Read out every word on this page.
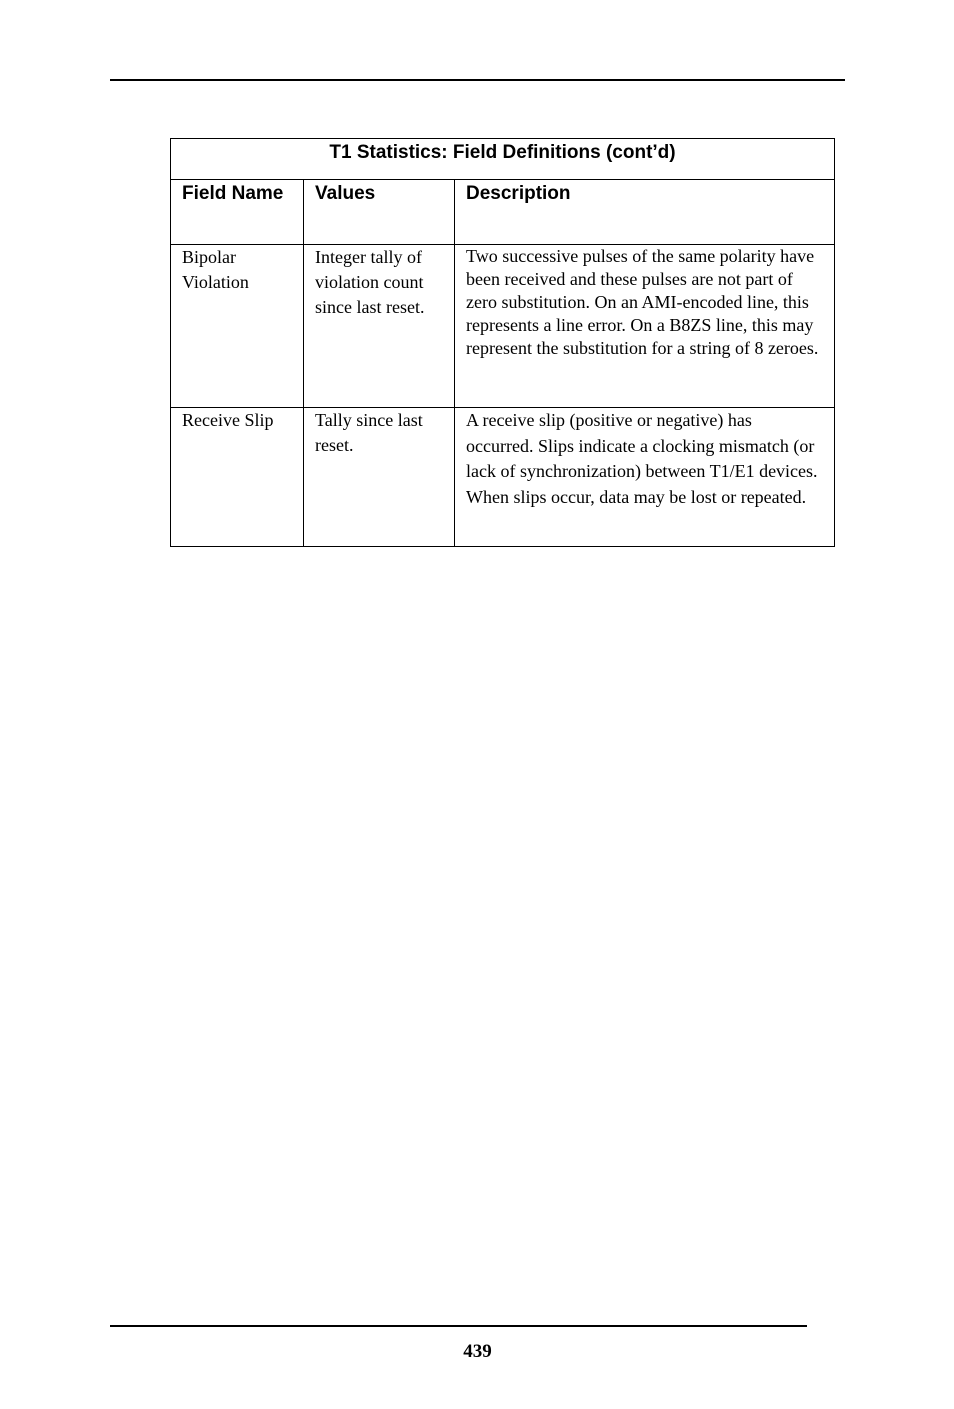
T1 Statistics: Field Definitions (cont’d)		
Field Name	Values	Description
Bipolar Violation	Integer tally of violation count since last reset.	Two successive pulses of the same polarity have been received and these pulses are not part of zero substitution. On an AMI-encoded line, this represents a line error. On a B8ZS line, this may represent the substitution for a string of 8 zeroes.
Receive Slip	Tally since last reset.	A receive slip (positive or negative) has occurred. Slips indicate a clocking mismatch (or lack of synchronization) between T1/E1 devices. When slips occur, data may be lost or repeated.
439
